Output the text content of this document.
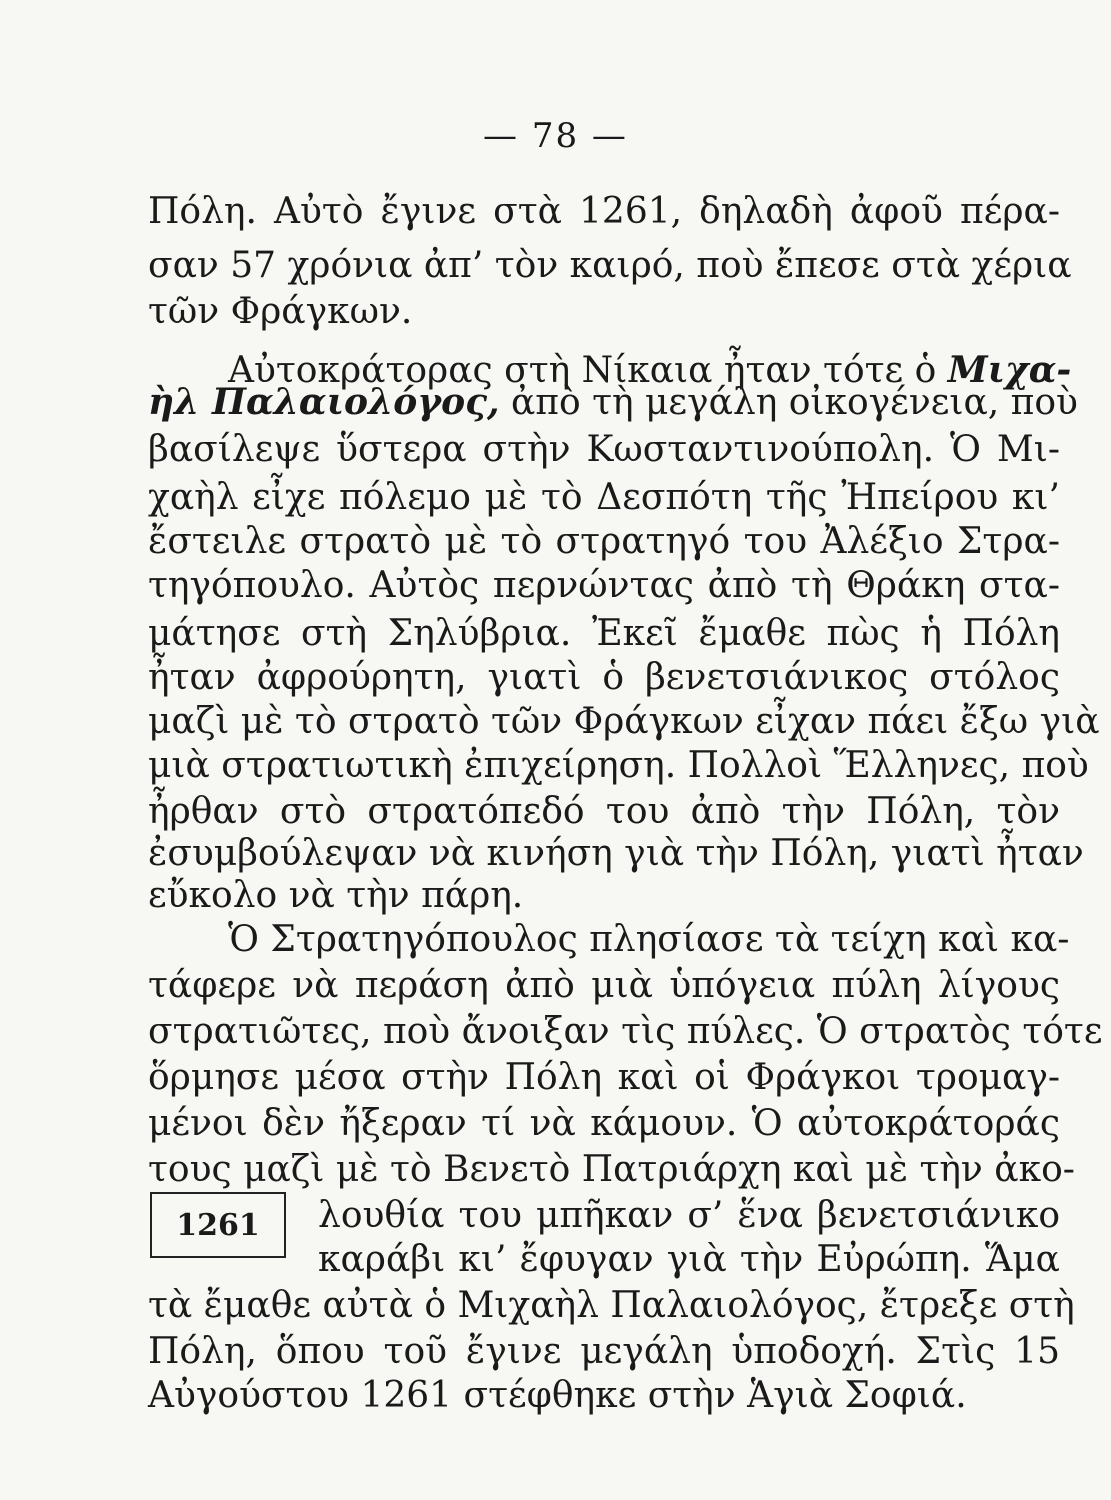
— 78 —
Πόλη. Αὐτὸ ἔγινε στὰ 1261, δηλαδὴ ἀφοῦ πέρα-
σαν 57 χρόνια ἀπ’ τὸν καιρό, ποὺ ἔπεσε στὰ χέρια
τῶν Φράγκων.
Αὐτοκράτορας στὴ Νίκαια ἦταν τότε ὁ Μιχα-
ὴλ Παλαιολόγος, ἀπὸ τὴ μεγάλη οἰκογένεια, ποὺ
βασίλεψε ὕστερα στὴν Κωσταντινούπολη. Ὁ Μι-
χαὴλ εἶχε πόλεμο μὲ τὸ Δεσπότη τῆς Ἠπείρου κι’
ἔστειλε στρατὸ μὲ τὸ στρατηγό του Ἀλέξιο Στρα-
τηγόπουλο. Αὐτὸς περνώντας ἀπὸ τὴ Θράκη στα-
μάτησε στὴ Σηλύβρια. Ἐκεῖ ἔμαθε πὼς ἡ Πόλη
ἦταν ἀφρούρητη, γιατὶ ὁ βενετσιάνικος στόλος
μαζὶ μὲ τὸ στρατὸ τῶν Φράγκων εἶχαν πάει ἔξω γιὰ
μιὰ στρατιωτικὴ ἐπιχείρηση. Πολλοὶ Ἕλληνες, ποὺ
ἦρθαν στὸ στρατόπεδό του ἀπὸ τὴν Πόλη, τὸν
ἐσυμβούλεψαν νὰ κινήση γιὰ τὴν Πόλη, γιατὶ ἦταν
εὔκολο νὰ τὴν πάρη.
Ὁ Στρατηγόπουλος πλησίασε τὰ τείχη καὶ κα-
τάφερε νὰ περάση ἀπὸ μιὰ ὑπόγεια πύλη λίγους
στρατιῶτες, ποὺ ἄνοιξαν τὶς πύλες. Ὁ στρατὸς τότε
ὅρμησε μέσα στὴν Πόλη καὶ οἱ Φράγκοι τρομαγ-
μένοι δὲν ἤξεραν τί νὰ κάμουν. Ὁ αὐτοκράτοράς
τους μαζὶ μὲ τὸ Βενετὸ Πατριάρχη καὶ μὲ τὴν ἀκο-
1261	λουθία του μπῆκαν σ’ ἕνα βενετσιάνικο
καράβι κι’ ἔφυγαν γιὰ τὴν Εὐρώπη. Ἅμα
τὰ ἔμαθε αὐτὰ ὁ Μιχαὴλ Παλαιολόγος, ἔτρεξε στὴ
Πόλη, ὅπου τοῦ ἔγινε μεγάλη ὑποδοχή. Στὶς 15
Αὐγούστου 1261 στέφθηκε στὴν Ἁγιὰ Σοφιά.
